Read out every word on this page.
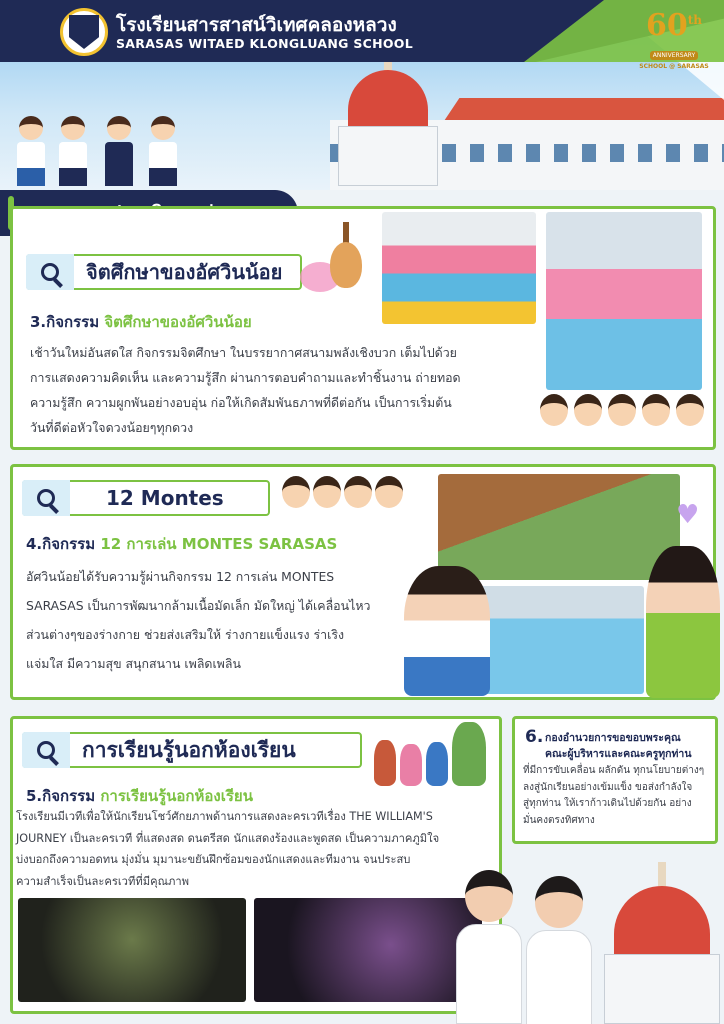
โรงเรียนสารสาสน์วิเทศคลองหลวง
SARASAS WITAED KLONGLUANG SCHOOL
60th
ANNIVERSARY
SCHOOL @ SARASAS
จิตศึกษาของอัศวินน้อย
3.กิจกรรม จิตศึกษาของอัศวินน้อย
เช้าวันใหม่อันสดใส กิจกรรมจิตศึกษา ในบรรยากาศสนามพลังเชิงบวก เต็มไปด้วย
การแสดงความคิดเห็น และความรู้สึก ผ่านการตอบคำถามและทำชิ้นงาน ถ่ายทอด
ความรู้สึก ความผูกพันอย่างอบอุ่น ก่อให้เกิดสัมพันธภาพที่ดีต่อกัน เป็นการเริ่มต้น
วันที่ดีต่อหัวใจดวงน้อยๆทุกดวง
12 Montes
4.กิจกรรม 12 การเล่น MONTES SARASAS
อัศวินน้อยได้รับความรู้ผ่านกิจกรรม 12 การเล่น MONTES
SARASAS เป็นการพัฒนากล้ามเนื้อมัดเล็ก มัดใหญ่ ได้เคลื่อนไหว
ส่วนต่างๆของร่างกาย ช่วยส่งเสริมให้ ร่างกายแข็งแรง ร่าเริง
แจ่มใส มีความสุข สนุกสนาน เพลิดเพลิน
♥
การเรียนรู้นอกห้องเรียน
5.กิจกรรม การเรียนรู้นอกห้องเรียน
โรงเรียนมีเวทีเพื่อให้นักเรียนโชว์ศักยภาพด้านการแสดงละครเวทีเรื่อง THE WILLIAM'S
JOURNEY เป็นละครเวที ที่แสดงสด ดนตรีสด นักแสดงร้องและพูดสด เป็นความภาคภูมิใจ
บ่งบอกถึงความอดทน มุ่งมั่น มุมานะขยันฝึกซ้อมของนักแสดงและทีมงาน จนประสบ
ความสำเร็จเป็นละครเวทีที่มีคุณภาพ
6. กองอำนวยการขอขอบพระคุณ
คณะผู้บริหารและคณะครูทุกท่าน
ที่มีการขับเคลื่อน ผลักดัน ทุกนโยบายต่างๆ
ลงสู่นักเรียนอย่างเข้มแข็ง ขอส่งกำลังใจ
สู่ทุกท่าน ให้เราก้าวเดินไปด้วยกัน อย่าง
มั่นคงตรงทิศทาง
